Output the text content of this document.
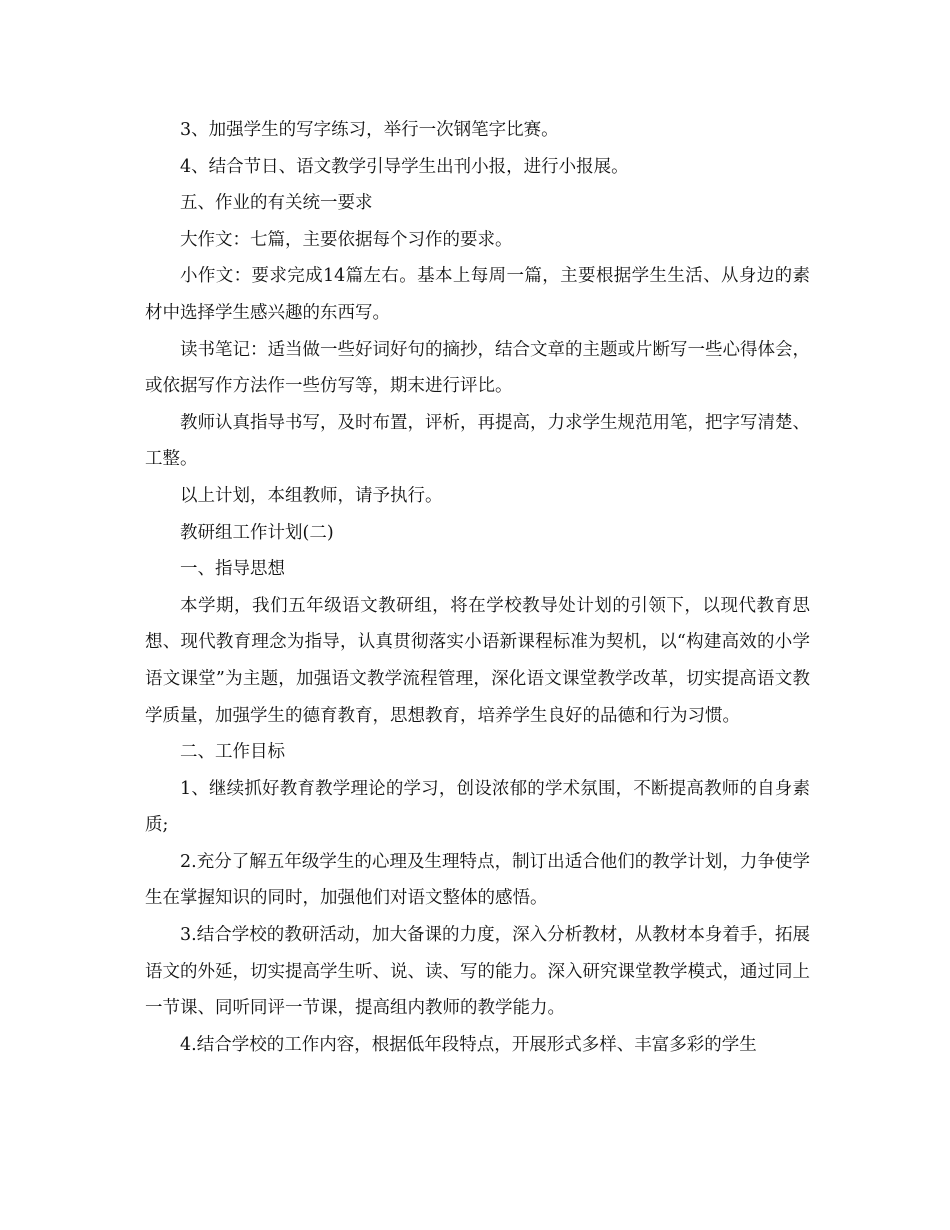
3、加强学生的写字练习，举行一次钢笔字比赛。

4、结合节日、语文教学引导学生出刊小报，进行小报展。

五、作业的有关统一要求

大作文：七篇，主要依据每个习作的要求。

小作文：要求完成14篇左右。基本上每周一篇，主要根据学生生活、从身边的素材中选择学生感兴趣的东西写。

读书笔记：适当做一些好词好句的摘抄，结合文章的主题或片断写一些心得体会，或依据写作方法作一些仿写等，期末进行评比。

教师认真指导书写，及时布置，评析，再提高，力求学生规范用笔，把字写清楚、工整。

以上计划，本组教师，请予执行。

教研组工作计划(二)

一、指导思想

本学期，我们五年级语文教研组，将在学校教导处计划的引领下，以现代教育思想、现代教育理念为指导，认真贯彻落实小语新课程标准为契机，以“构建高效的小学语文课堂”为主题，加强语文教学流程管理，深化语文课堂教学改革，切实提高语文教学质量，加强学生的德育教育，思想教育，培养学生良好的品德和行为习惯。

二、工作目标

1、继续抓好教育教学理论的学习，创设浓郁的学术氛围，不断提高教师的自身素质;

2.充分了解五年级学生的心理及生理特点，制订出适合他们的教学计划，力争使学生在掌握知识的同时，加强他们对语文整体的感悟。

3.结合学校的教研活动，加大备课的力度，深入分析教材，从教材本身着手，拓展语文的外延，切实提高学生听、说、读、写的能力。深入研究课堂教学模式，通过同上一节课、同听同评一节课，提高组内教师的教学能力。

4.结合学校的工作内容，根据低年段特点，开展形式多样、丰富多彩的学生
